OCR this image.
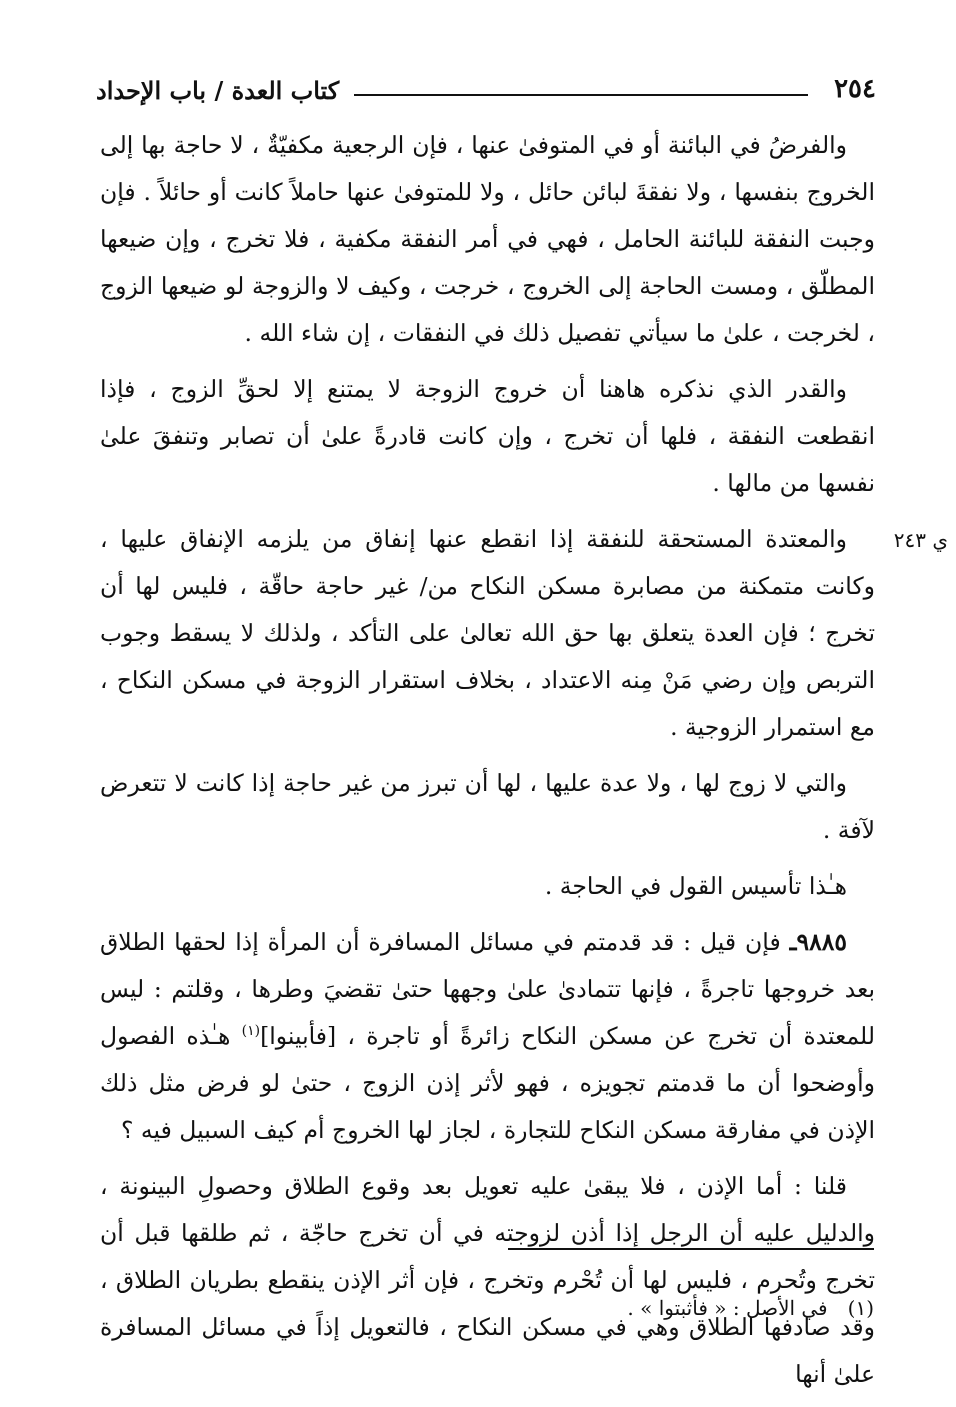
٢٥٤
كتاب العدة / باب الإحداد
ي ٢٤٣

والفرضُ في البائنة أو في المتوفىٰ عنها ، فإن الرجعية مكفيّةٌ ، لا حاجة بها إلى الخروج بنفسها ، ولا نفقةَ لبائن حائل ، ولا للمتوفىٰ عنها حاملاً كانت أو حائلاً . فإن وجبت النفقة للبائنة الحامل ، فهي في أمر النفقة مكفية ، فلا تخرج ، وإن ضيعها المطلّق ، ومست الحاجة إلى الخروج ، خرجت ، وكيف لا والزوجة لو ضيعها الزوج ، لخرجت ، علىٰ ما سيأتي تفصيل ذلك في النفقات ، إن شاء الله .

والقدر الذي نذكره هاهنا أن خروج الزوجة لا يمتنع إلا لحقِّ الزوج ، فإذا انقطعت النفقة ، فلها أن تخرج ، وإن كانت قادرةً علىٰ أن تصابر وتنفقَ علىٰ نفسها من مالها .

والمعتدة المستحقة للنفقة إذا انقطع عنها إنفاق من يلزمه الإنفاق عليها ، وكانت متمكنة من مصابرة مسكن النكاح من/ غير حاجة حاقّة ، فليس لها أن تخرج ؛ فإن العدة يتعلق بها حق الله تعالىٰ على التأكد ، ولذلك لا يسقط وجوب التربص وإن رضي مَنْ مِنه الاعتداد ، بخلاف استقرار الزوجة في مسكن النكاح ، مع استمرار الزوجية .

والتي لا زوج لها ، ولا عدة عليها ، لها أن تبرز من غير حاجة إذا كانت لا تتعرض لآفة .

هـٰذا تأسيس القول في الحاجة .

٩٨٨٥ـ فإن قيل : قد قدمتم في مسائل المسافرة أن المرأة إذا لحقها الطلاق بعد خروجها تاجرةً ، فإنها تتمادىٰ علىٰ وجهها حتىٰ تقضيَ وطرها ، وقلتم : ليس للمعتدة أن تخرج عن مسكن النكاح زائرةً أو تاجرة ، [فأبينوا]$^{(١)}$ هـٰذه الفصول وأوضحوا أن ما قدمتم تجويزه ، فهو لأثر إذن الزوج ، حتىٰ لو فرض مثل ذلك الإذن في مفارقة مسكن النكاح للتجارة ، لجاز لها الخروج أم كيف السبيل فيه ؟

قلنا : أما الإذن ، فلا يبقىٰ عليه تعويل بعد وقوع الطلاق وحصولِ البينونة ، والدليل عليه أن الرجل إذا أذن لزوجته في أن تخرج حاجّة ، ثم طلقها قبل أن تخرج وتُحرم ، فليس لها أن تُحْرم وتخرج ، فإن أثر الإذن ينقطع بطريان الطلاق ، وقد صادفها الطلاق وهي في مسكن النكاح ، فالتعويل إذاً في مسائل المسافرة علىٰ أنها

(١)في الأصل : « فأثبتوا » .
